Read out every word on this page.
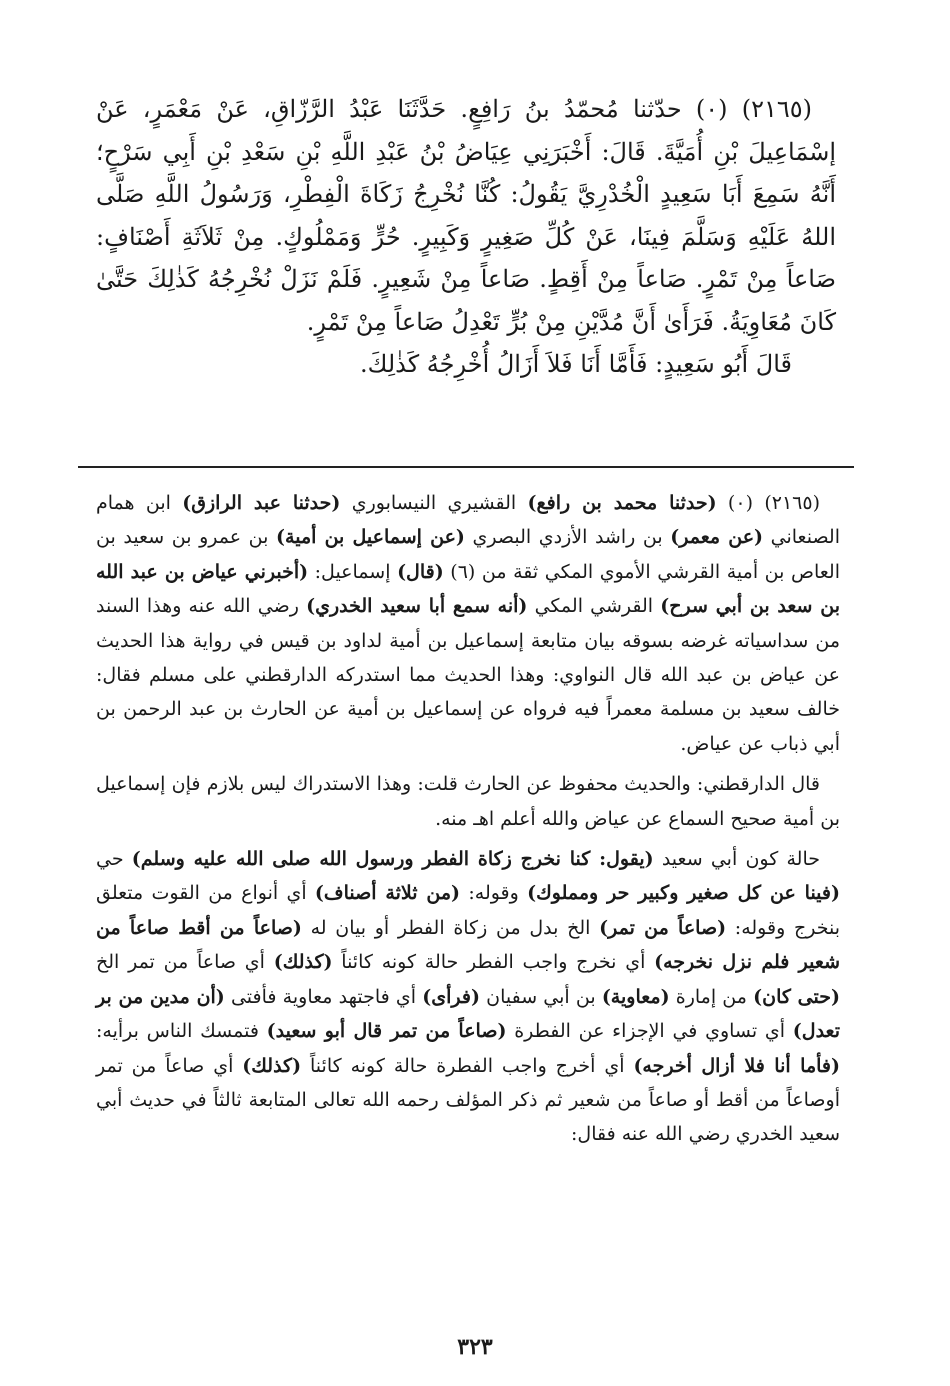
(٢١٦٥) (٠) حدّثنا مُحمّدُ بنُ رَافِعٍ. حَدَّثَنَا عَبْدُ الرَّزّاقِ، عَنْ مَعْمَرٍ، عَنْ إسْمَاعِيلَ بْنِ أُمَيَّةَ. قَالَ: أَخْبَرَنِي عِيَاضُ بْنُ عَبْدِ اللَّهِ بْنِ سَعْدِ بْنِ أَبِي سَرْحٍ؛ أَنَّهُ سَمِعَ أَبَا سَعِيدٍ الْخُدْرِيَّ يَقُولُ: كُنَّا نُخْرِجُ زَكَاةَ الْفِطْرِ، وَرَسُولُ اللَّهِ صَلَّى اللهُ عَلَيْهِ وَسَلَّمَ فِينَا، عَنْ كُلِّ صَغِيرٍ وَكَبِيرٍ. حُرٍّ وَمَمْلُوكٍ. مِنْ ثَلاَثَةِ أَصْنَافٍ: صَاعاً مِنْ تَمْرٍ. صَاعاً مِنْ أَقِطٍ. صَاعاً مِنْ شَعِيرٍ. فَلَمْ نَزَلْ نُخْرِجُهُ كَذٰلِكَ حَتَّىٰ كَانَ مُعَاوِيَةُ. فَرَأَىٰ أَنَّ مُدَّيْنِ مِنْ بُرٍّ تَعْدِلُ صَاعاً مِنْ تَمْرٍ.

قَالَ أَبُو سَعِيدٍ: فَأَمَّا أَنَا فَلاَ أَزَالُ أُخْرِجُهُ كَذٰلِكَ.

(٢١٦٥) (٠) (حدثنا محمد بن رافع) القشيري النيسابوري (حدثنا عبد الرازق) ابن همام الصنعاني (عن معمر) بن راشد الأزدي البصري (عن إسماعيل بن أمية) بن عمرو بن سعيد بن العاص بن أمية القرشي الأموي المكي ثقة من (٦) (قال) إسماعيل: (أخبرني عياض بن عبد الله بن سعد بن أبي سرح) القرشي المكي (أنه سمع أبا سعيد الخدري) رضي الله عنه وهذا السند من سداسياته غرضه بسوقه بيان متابعة إسماعيل بن أمية لداود بن قيس في رواية هذا الحديث عن عياض بن عبد الله قال النواوي: وهذا الحديث مما استدركه الدارقطني على مسلم فقال: خالف سعيد بن مسلمة معمراً فيه فرواه عن إسماعيل بن أمية عن الحارث بن عبد الرحمن بن أبي ذباب عن عياض.

قال الدارقطني: والحديث محفوظ عن الحارث قلت: وهذا الاستدراك ليس بلازم فإن إسماعيل بن أمية صحيح السماع عن عياض والله أعلم اهـ منه.

حالة كون أبي سعيد (يقول: كنا نخرج زكاة الفطر ورسول الله صلى الله عليه وسلم) حي (فينا عن كل صغير وكبير حر ومملوك) وقوله: (من ثلاثة أصناف) أي أنواع من القوت متعلق بنخرج وقوله: (صاعاً من تمر) الخ بدل من زكاة الفطر أو بيان له (صاعاً من أقط صاعاً من شعير فلم نزل نخرجه) أي نخرج واجب الفطر حالة كونه كائناً (كذلك) أي صاعاً من تمر الخ (حتى كان) من إمارة (معاوية) بن أبي سفيان (فرأى) أي فاجتهد معاوية فأفتى (أن مدين من بر تعدل) أي تساوي في الإجزاء عن الفطرة (صاعاً من تمر قال أبو سعيد) فتمسك الناس برأيه: (فأما أنا فلا أزال أخرجه) أي أخرج واجب الفطرة حالة كونه كائناً (كذلك) أي صاعاً من تمر أوصاعاً من أقط أو صاعاً من شعير ثم ذكر المؤلف رحمه الله تعالى المتابعة ثالثاً في حديث أبي سعيد الخدري رضي الله عنه فقال:

٣٢٣
